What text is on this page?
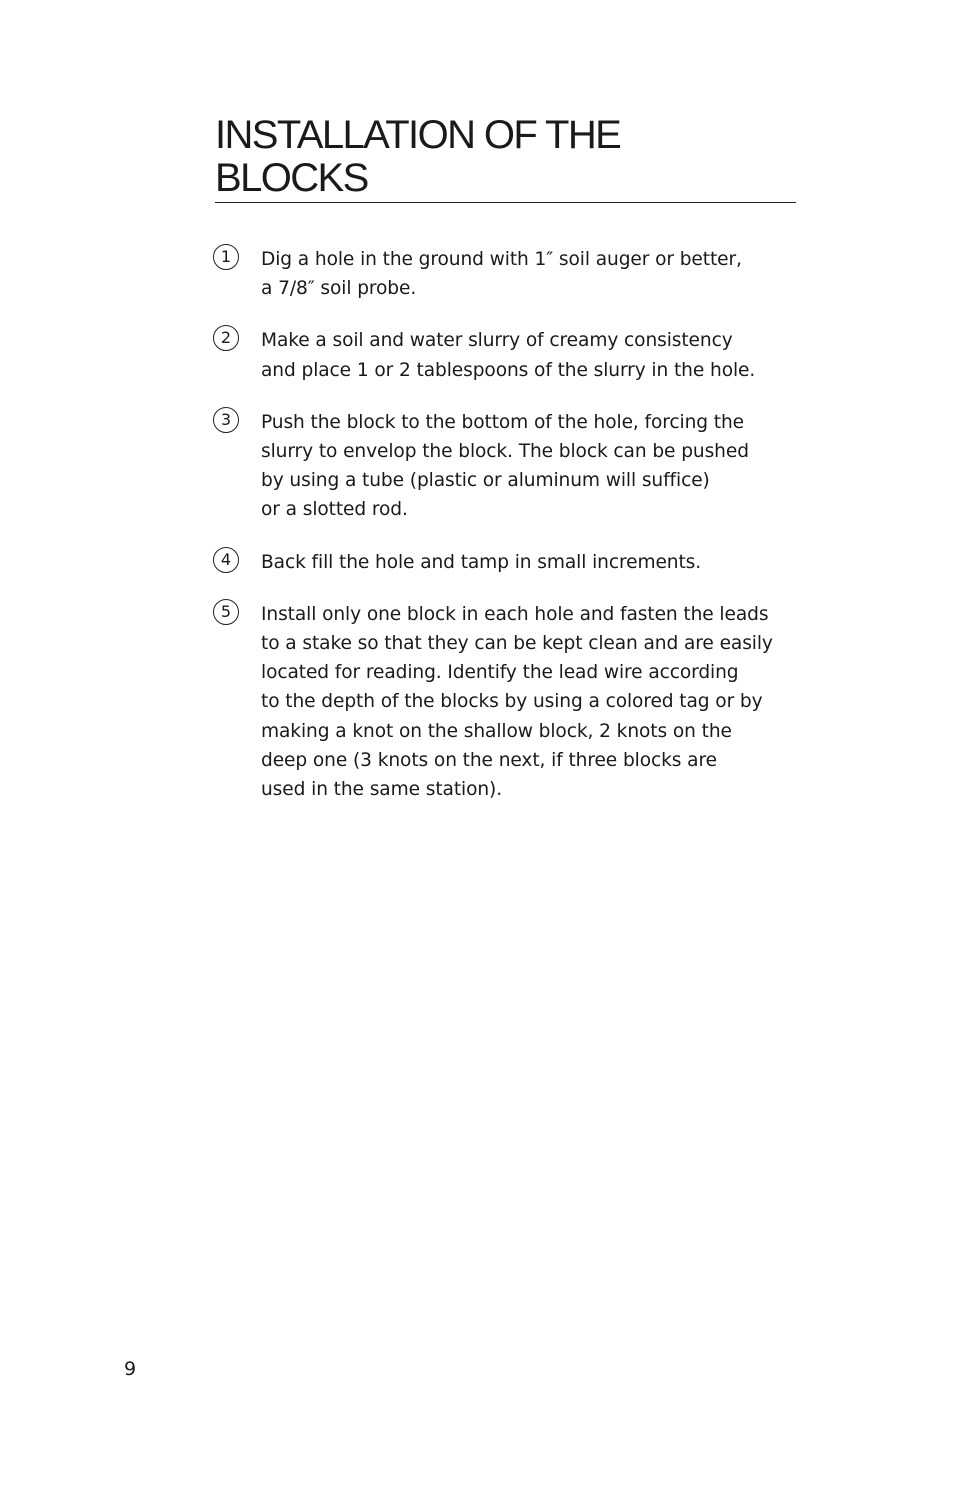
INSTALLATION OF THE
BLOCKS
1	Dig a hole in the ground with 1″ soil auger or better,
a 7/8″ soil probe.
2	Make a soil and water slurry of creamy consistency
and place 1 or 2 tablespoons of the slurry in the hole.
3	Push the block to the bottom of the hole, forcing the
slurry to envelop the block. The block can be pushed
by using a tube (plastic or aluminum will suffice)
or a slotted rod.
4	Back fill the hole and tamp in small increments.
5	Install only one block in each hole and fasten the leads
to a stake so that they can be kept clean and are easily
located for reading. Identify the lead wire according
to the depth of the blocks by using a colored tag or by
making a knot on the shallow block, 2 knots on the
deep one (3 knots on the next, if three blocks are
used in the same station).
9
